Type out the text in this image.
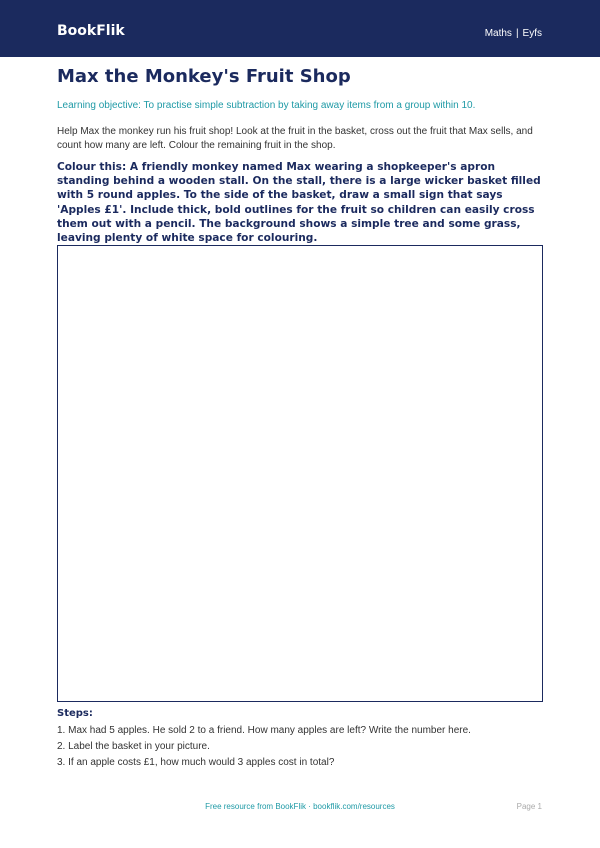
BookFlik	Maths | Eyfs
Max the Monkey's Fruit Shop

Learning objective: To practise simple subtraction by taking away items from a group within 10.

Help Max the monkey run his fruit shop! Look at the fruit in the basket, cross out the fruit that Max sells, and count how many are left. Colour the remaining fruit in the shop.

Colour this: A friendly monkey named Max wearing a shopkeeper's apron standing behind a wooden stall. On the stall, there is a large wicker basket filled with 5 round apples. To the side of the basket, draw a small sign that says 'Apples £1'. Include thick, bold outlines for the fruit so children can easily cross them out with a pencil. The background shows a simple tree and some grass, leaving plenty of white space for colouring.

Steps:
1. Max had 5 apples. He sold 2 to a friend. How many apples are left? Write the number here.
2. Label the basket in your picture.
3. If an apple costs £1, how much would 3 apples cost in total?
Free resource from BookFlik · bookflik.com/resources	Page 1
